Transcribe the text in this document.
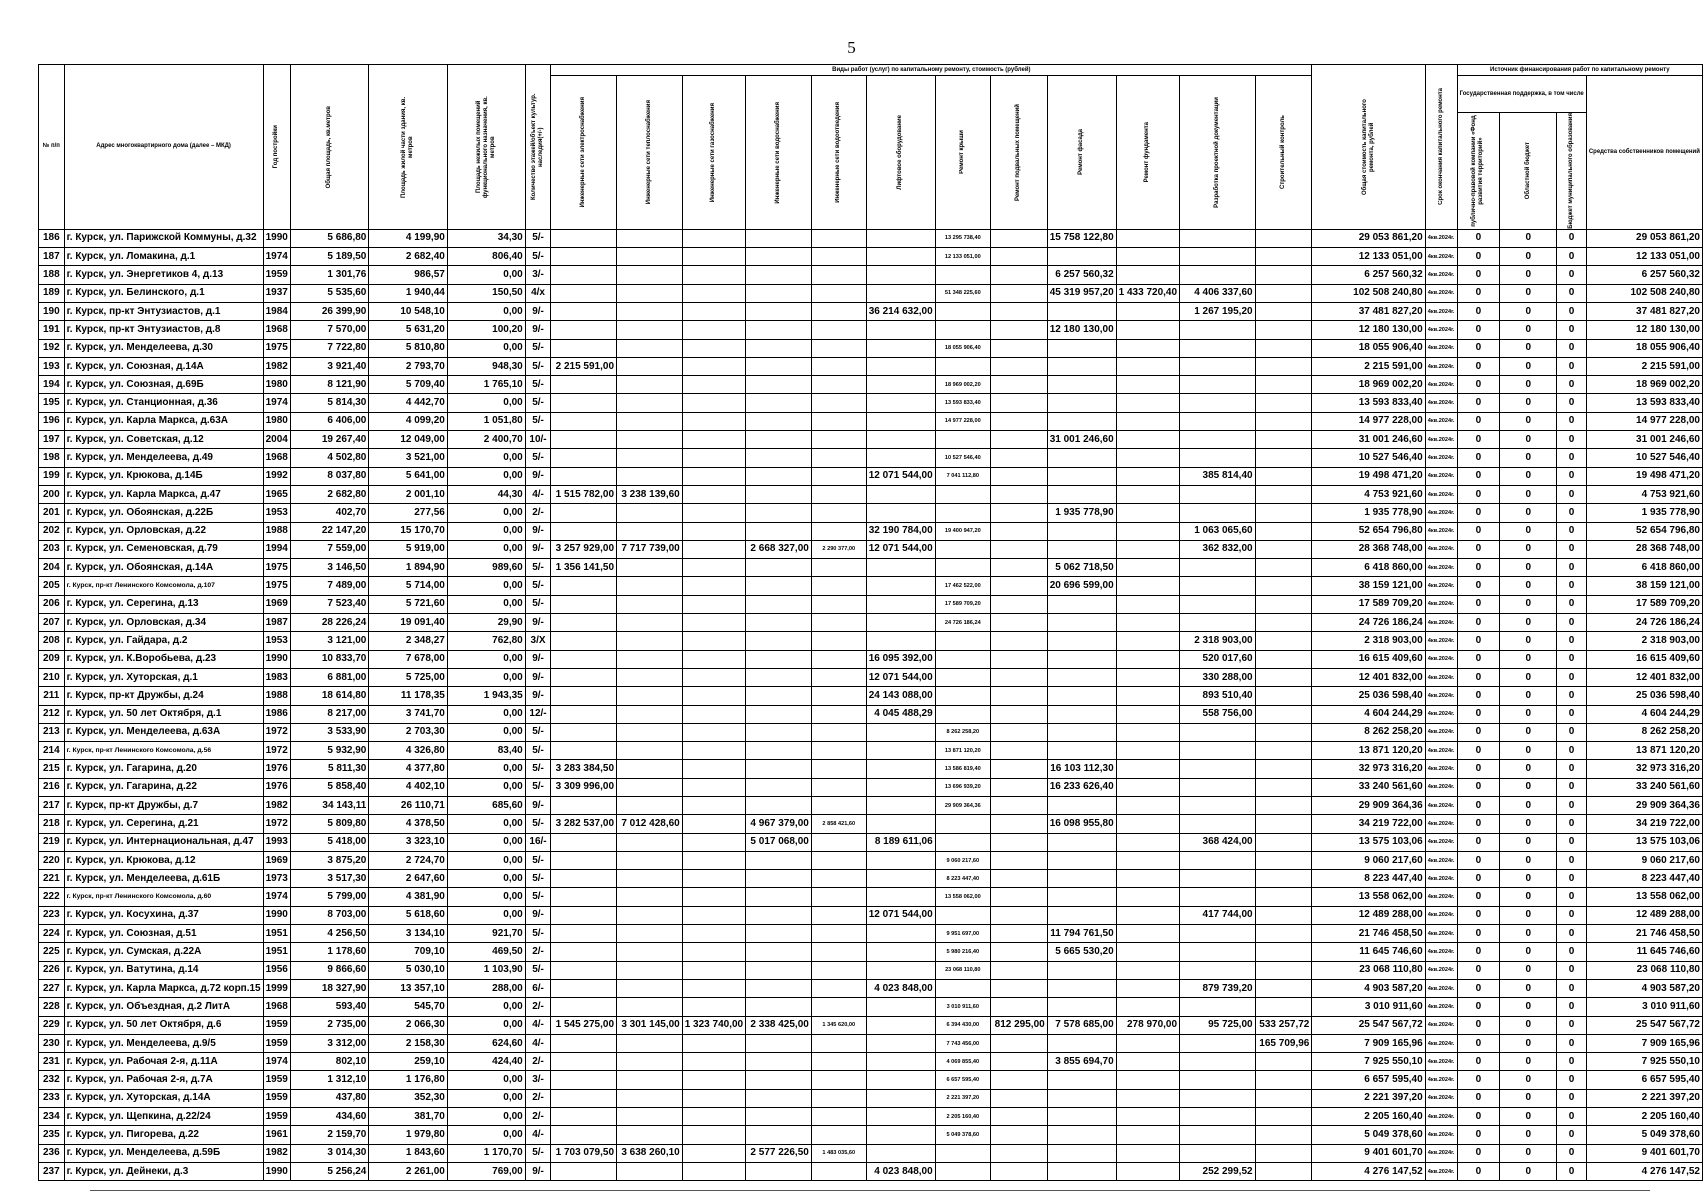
5
№ п/п	Адрес многоквартирного дома (далее – МКД)	Год постройки	Общая площадь, кв.метров	Площадь жилой части здания, кв. метров	Площадь нежилых помещений функционального назначения, кв. метров	Количество этажей/объект культур. наследия(+/-)	Виды работ (услуг) по капитальному ремонту, стоимость (рублей)												Общая стоимость капитального ремонта, рублей	Срок окончания капитального ремонта	Источник финансирования работ по капитальному ремонту			

							Инженерные сети электроснабжения	Инженерные сети теплоснабжения	Инженерные сети газоснабжения	Инженерные сети водоснабжения	Инженерные сети водоотведения	Лифтовое оборудование	Ремонт крыши	Ремонт подвальных помещений	Ремонт фасада	Ремонт фундамента	Разработка проектной документации	Строительный контроль			Государственная поддержка, в том числе			Средства собственников помещений

																					публично-правовой компании «Фонд развития территорий»	Областной бюджет	Бюджет муниципального образования	

186	г. Курск, ул. Парижской Коммуны, д.32	1990	5 686,80	4 199,90	34,30	5/-							13 295 738,40		15 758 122,80				29 053 861,20	4кв.2024г.	0	0	0	29 053 861,20
187	г. Курск, ул. Ломакина, д.1	1974	5 189,50	2 682,40	806,40	5/-							12 133 051,00						12 133 051,00	4кв.2024г.	0	0	0	12 133 051,00
188	г. Курск, ул. Энергетиков 4, д.13	1959	1 301,76	986,57	0,00	3/-									6 257 560,32				6 257 560,32	4кв.2024г.	0	0	0	6 257 560,32
189	г. Курск, ул. Белинского, д.1	1937	5 535,60	1 940,44	150,50	4/x							51 348 225,60		45 319 957,20	1 433 720,40	4 406 337,60		102 508 240,80	4кв.2024г.	0	0	0	102 508 240,80
190	г. Курск, пр-кт Энтузиастов, д.1	1984	26 399,90	10 548,10	0,00	9/-						36 214 632,00					1 267 195,20		37 481 827,20	4кв.2024г.	0	0	0	37 481 827,20
191	г. Курск, пр-кт Энтузиастов, д.8	1968	7 570,00	5 631,20	100,20	9/-									12 180 130,00				12 180 130,00	4кв.2024г.	0	0	0	12 180 130,00
192	г. Курск, ул. Менделеева, д.30	1975	7 722,80	5 810,80	0,00	5/-							18 055 906,40						18 055 906,40	4кв.2024г.	0	0	0	18 055 906,40
193	г. Курск, ул. Союзная, д.14А	1982	3 921,40	2 793,70	948,30	5/-	2 215 591,00												2 215 591,00	4кв.2024г.	0	0	0	2 215 591,00
194	г. Курск, ул. Союзная, д.69Б	1980	8 121,90	5 709,40	1 765,10	5/-							18 969 002,20						18 969 002,20	4кв.2024г.	0	0	0	18 969 002,20
195	г. Курск, ул. Станционная, д.36	1974	5 814,30	4 442,70	0,00	5/-							13 593 833,40						13 593 833,40	4кв.2024г.	0	0	0	13 593 833,40
196	г. Курск, ул. Карла Маркса, д.63А	1980	6 406,00	4 099,20	1 051,80	5/-							14 977 228,00						14 977 228,00	4кв.2024г.	0	0	0	14 977 228,00
197	г. Курск, ул. Советская, д.12	2004	19 267,40	12 049,00	2 400,70	10/-									31 001 246,60				31 001 246,60	4кв.2024г.	0	0	0	31 001 246,60
198	г. Курск, ул. Менделеева, д.49	1968	4 502,80	3 521,00	0,00	5/-							10 527 546,40						10 527 546,40	4кв.2024г.	0	0	0	10 527 546,40
199	г. Курск, ул. Крюкова, д.14Б	1992	8 037,80	5 641,00	0,00	9/-						12 071 544,00	7 041 112,80				385 814,40		19 498 471,20	4кв.2024г.	0	0	0	19 498 471,20
200	г. Курск, ул. Карла Маркса, д.47	1965	2 682,80	2 001,10	44,30	4/-	1 515 782,00	3 238 139,60											4 753 921,60	4кв.2024г.	0	0	0	4 753 921,60
201	г. Курск, ул. Обоянская, д.22Б	1953	402,70	277,56	0,00	2/-									1 935 778,90				1 935 778,90	4кв.2024г.	0	0	0	1 935 778,90
202	г. Курск, ул. Орловская, д.22	1988	22 147,20	15 170,70	0,00	9/-						32 190 784,00	19 400 947,20				1 063 065,60		52 654 796,80	4кв.2024г.	0	0	0	52 654 796,80
203	г. Курск, ул. Семеновская, д.79	1994	7 559,00	5 919,00	0,00	9/-	3 257 929,00	7 717 739,00		2 668 327,00	2 290 377,00	12 071 544,00					362 832,00		28 368 748,00	4кв.2024г.	0	0	0	28 368 748,00
204	г. Курск, ул. Обоянская, д.14А	1975	3 146,50	1 894,90	989,60	5/-	1 356 141,50								5 062 718,50				6 418 860,00	4кв.2024г.	0	0	0	6 418 860,00
205	г. Курск, пр-кт Ленинского Комсомола, д.107	1975	7 489,00	5 714,00	0,00	5/-							17 462 522,00		20 696 599,00				38 159 121,00	4кв.2024г.	0	0	0	38 159 121,00
206	г. Курск, ул. Серегина, д.13	1969	7 523,40	5 721,60	0,00	5/-							17 589 709,20						17 589 709,20	4кв.2024г.	0	0	0	17 589 709,20
207	г. Курск, ул. Орловская, д.34	1987	28 226,24	19 091,40	29,90	9/-							24 726 186,24						24 726 186,24	4кв.2024г.	0	0	0	24 726 186,24
208	г. Курск, ул. Гайдара, д.2	1953	3 121,00	2 348,27	762,80	3/X											2 318 903,00		2 318 903,00	4кв.2024г.	0	0	0	2 318 903,00
209	г. Курск, ул. К.Воробьева, д.23	1990	10 833,70	7 678,00	0,00	9/-						16 095 392,00					520 017,60		16 615 409,60	4кв.2024г.	0	0	0	16 615 409,60
210	г. Курск, ул. Хуторская, д.1	1983	6 881,00	5 725,00	0,00	9/-						12 071 544,00					330 288,00		12 401 832,00	4кв.2024г.	0	0	0	12 401 832,00
211	г. Курск, пр-кт Дружбы, д.24	1988	18 614,80	11 178,35	1 943,35	9/-						24 143 088,00					893 510,40		25 036 598,40	4кв.2024г.	0	0	0	25 036 598,40
212	г. Курск, ул. 50 лет Октября, д.1	1986	8 217,00	3 741,70	0,00	12/-						4 045 488,29					558 756,00		4 604 244,29	4кв.2024г.	0	0	0	4 604 244,29
213	г. Курск, ул. Менделеева, д.63А	1972	3 533,90	2 703,30	0,00	5/-							8 262 258,20						8 262 258,20	4кв.2024г.	0	0	0	8 262 258,20
214	г. Курск, пр-кт Ленинского Комсомола, д.56	1972	5 932,90	4 326,80	83,40	5/-							13 871 120,20						13 871 120,20	4кв.2024г.	0	0	0	13 871 120,20
215	г. Курск, ул. Гагарина, д.20	1976	5 811,30	4 377,80	0,00	5/-	3 283 384,50						13 586 819,40		16 103 112,30				32 973 316,20	4кв.2024г.	0	0	0	32 973 316,20
216	г. Курск, ул. Гагарина, д.22	1976	5 858,40	4 402,10	0,00	5/-	3 309 996,00						13 696 939,20		16 233 626,40				33 240 561,60	4кв.2024г.	0	0	0	33 240 561,60
217	г. Курск, пр-кт Дружбы, д.7	1982	34 143,11	26 110,71	685,60	9/-							29 909 364,36						29 909 364,36	4кв.2024г.	0	0	0	29 909 364,36
218	г. Курск, ул. Серегина, д.21	1972	5 809,80	4 378,50	0,00	5/-	3 282 537,00	7 012 428,60		4 967 379,00	2 858 421,60				16 098 955,80				34 219 722,00	4кв.2024г.	0	0	0	34 219 722,00
219	г. Курск, ул. Интернациональная, д.47	1993	5 418,00	3 323,10	0,00	16/-				5 017 068,00		8 189 611,06					368 424,00		13 575 103,06	4кв.2024г.	0	0	0	13 575 103,06
220	г. Курск, ул. Крюкова, д.12	1969	3 875,20	2 724,70	0,00	5/-							9 060 217,60						9 060 217,60	4кв.2024г.	0	0	0	9 060 217,60
221	г. Курск, ул. Менделеева, д.61Б	1973	3 517,30	2 647,60	0,00	5/-							8 223 447,40						8 223 447,40	4кв.2024г.	0	0	0	8 223 447,40
222	г. Курск, пр-кт Ленинского Комсомола, д.60	1974	5 799,00	4 381,90	0,00	5/-							13 558 062,00						13 558 062,00	4кв.2024г.	0	0	0	13 558 062,00
223	г. Курск, ул. Косухина, д.37	1990	8 703,00	5 618,60	0,00	9/-						12 071 544,00					417 744,00		12 489 288,00	4кв.2024г.	0	0	0	12 489 288,00
224	г. Курск, ул. Союзная, д.51	1951	4 256,50	3 134,10	921,70	5/-							9 951 697,00		11 794 761,50				21 746 458,50	4кв.2024г.	0	0	0	21 746 458,50
225	г. Курск, ул. Сумская, д.22А	1951	1 178,60	709,10	469,50	2/-							5 980 216,40		5 665 530,20				11 645 746,60	4кв.2024г.	0	0	0	11 645 746,60
226	г. Курск, ул. Ватутина, д.14	1956	9 866,60	5 030,10	1 103,90	5/-							23 068 110,80						23 068 110,80	4кв.2024г.	0	0	0	23 068 110,80
227	г. Курск, ул. Карла Маркса, д.72 корп.15	1999	18 327,90	13 357,10	288,00	6/-						4 023 848,00					879 739,20		4 903 587,20	4кв.2024г.	0	0	0	4 903 587,20
228	г. Курск, ул. Объездная, д.2 ЛитА	1968	593,40	545,70	0,00	2/-							3 010 911,60						3 010 911,60	4кв.2024г.	0	0	0	3 010 911,60
229	г. Курск, ул. 50 лет Октября, д.6	1959	2 735,00	2 066,30	0,00	4/-	1 545 275,00	3 301 145,00	1 323 740,00	2 338 425,00	1 345 620,00		6 394 430,00	812 295,00	7 578 685,00	278 970,00	95 725,00	533 257,72	25 547 567,72	4кв.2024г.	0	0	0	25 547 567,72
230	г. Курск, ул. Менделеева, д.9/5	1959	3 312,00	2 158,30	624,60	4/-							7 743 456,00					165 709,96	7 909 165,96	4кв.2024г.	0	0	0	7 909 165,96
231	г. Курск, ул. Рабочая 2-я, д.11А	1974	802,10	259,10	424,40	2/-							4 069 855,40		3 855 694,70				7 925 550,10	4кв.2024г.	0	0	0	7 925 550,10
232	г. Курск, ул. Рабочая 2-я, д.7А	1959	1 312,10	1 176,80	0,00	3/-							6 657 595,40						6 657 595,40	4кв.2024г.	0	0	0	6 657 595,40
233	г. Курск, ул. Хуторская, д.14А	1959	437,80	352,30	0,00	2/-							2 221 397,20						2 221 397,20	4кв.2024г.	0	0	0	2 221 397,20
234	г. Курск, ул. Щепкина, д.22/24	1959	434,60	381,70	0,00	2/-							2 205 160,40						2 205 160,40	4кв.2024г.	0	0	0	2 205 160,40
235	г. Курск, ул. Пигорева, д.22	1961	2 159,70	1 979,80	0,00	4/-							5 049 378,60						5 049 378,60	4кв.2024г.	0	0	0	5 049 378,60
236	г. Курск, ул. Менделеева, д.59Б	1982	3 014,30	1 843,60	1 170,70	5/-	1 703 079,50	3 638 260,10		2 577 226,50	1 483 035,60								9 401 601,70	4кв.2024г.	0	0	0	9 401 601,70
237	г. Курск, ул. Дейнеки, д.3	1990	5 256,24	2 261,00	769,00	9/-						4 023 848,00					252 299,52		4 276 147,52	4кв.2024г.	0	0	0	4 276 147,52
